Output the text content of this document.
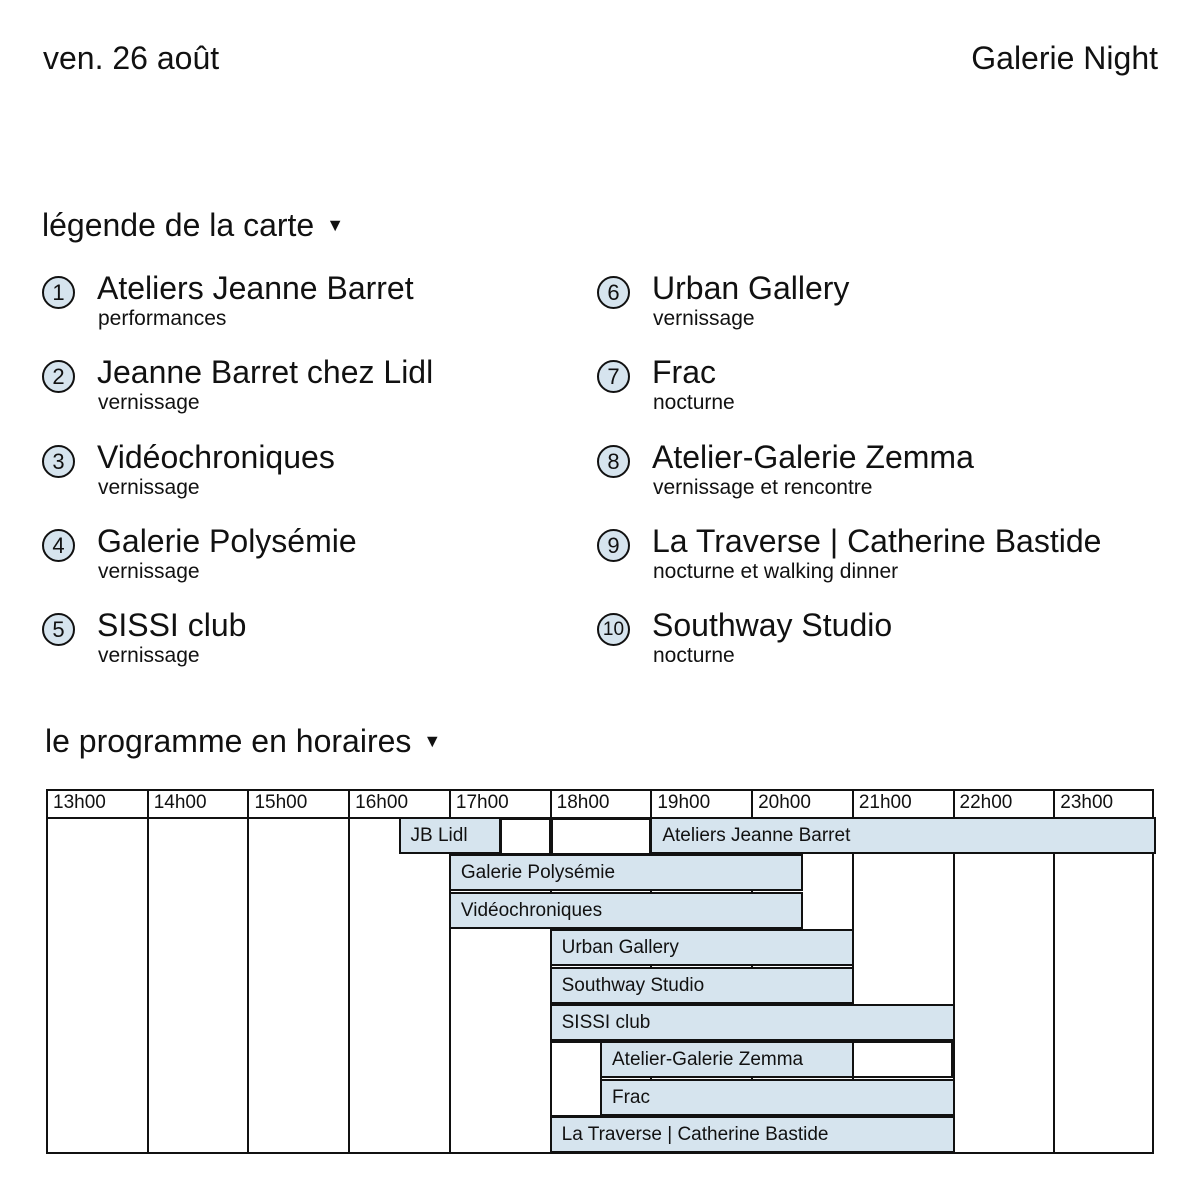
ven. 26 août	Galerie Night
légende de la carte ▼
1	Ateliers Jeanne Barret
performances
2	Jeanne Barret chez Lidl
vernissage
3	Vidéochroniques
vernissage
4	Galerie Polysémie
vernissage
5	SISSI club
vernissage
6	Urban Gallery
vernissage
7	Frac
nocturne
8	Atelier-Galerie Zemma
vernissage et rencontre
9	La Traverse | Catherine Bastide
nocturne et walking dinner
10 Southway Studio
nocturne
le programme en horaires ▼
13h00	14h00	15h00	16h00	17h00	18h00	19h00	20h00	21h00	22h00	23h00
JB Lidl	Ateliers Jeanne Barret
Galerie Polysémie
Vidéochroniques
Urban Gallery
Southway Studio
SISSI club
Atelier-Galerie Zemma
Frac
La Traverse | Catherine Bastide
